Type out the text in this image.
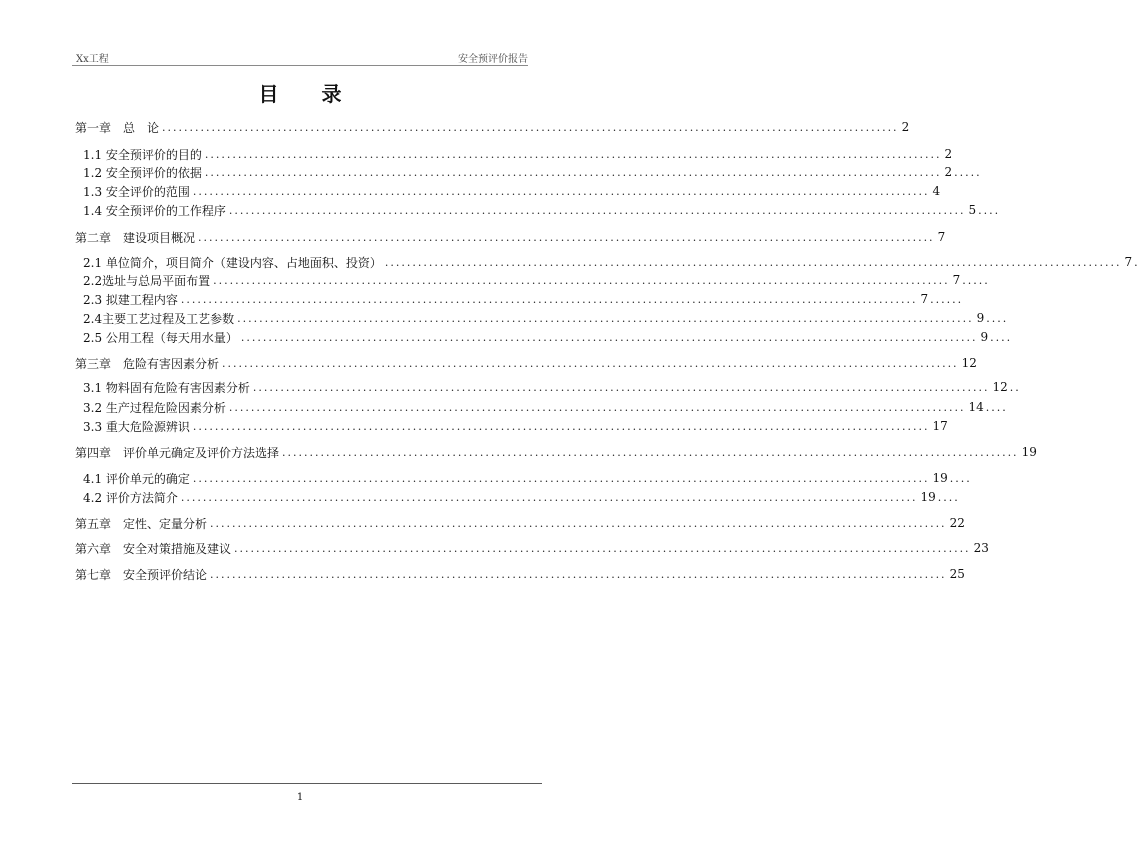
Xx工程	安全预评价报告
目 录
第一章　总　论 ...................................................................................................................................... 2
1.1 安全预评价的目的 ...................................................................................................................................... 2
1.2 安全预评价的依据 ...................................................................................................................................... 2 .....
1.3 安全评价的范围 ...................................................................................................................................... 4
1.4 安全预评价的工作程序 ...................................................................................................................................... 5 ....
第二章　建设项目概况 ...................................................................................................................................... 7
2.1 单位简介，项目简介（建设内容、占地面积、投资） ...................................................................................................................................... 7 .
2.2选址与总局平面布置 ...................................................................................................................................... 7 .....
2.3 拟建工程内容 ...................................................................................................................................... 7 ......
2.4主要工艺过程及工艺参数 ...................................................................................................................................... 9 ....
2.5 公用工程（每天用水量） ...................................................................................................................................... 9 ....
第三章　危险有害因素分析 ...................................................................................................................................... 12
3.1 物料固有危险有害因素分析 ...................................................................................................................................... 12 ..
3.2 生产过程危险因素分析 ...................................................................................................................................... 14 ....
3.3 重大危险源辨识 ...................................................................................................................................... 17
第四章　评价单元确定及评价方法选择 ...................................................................................................................................... 19
4.1 评价单元的确定 ...................................................................................................................................... 19 ....
4.2 评价方法简介 ...................................................................................................................................... 19 ....
第五章　定性、定量分析 ...................................................................................................................................... 22
第六章　安全对策措施及建议 ...................................................................................................................................... 23
第七章　安全预评价结论 ...................................................................................................................................... 25
1
